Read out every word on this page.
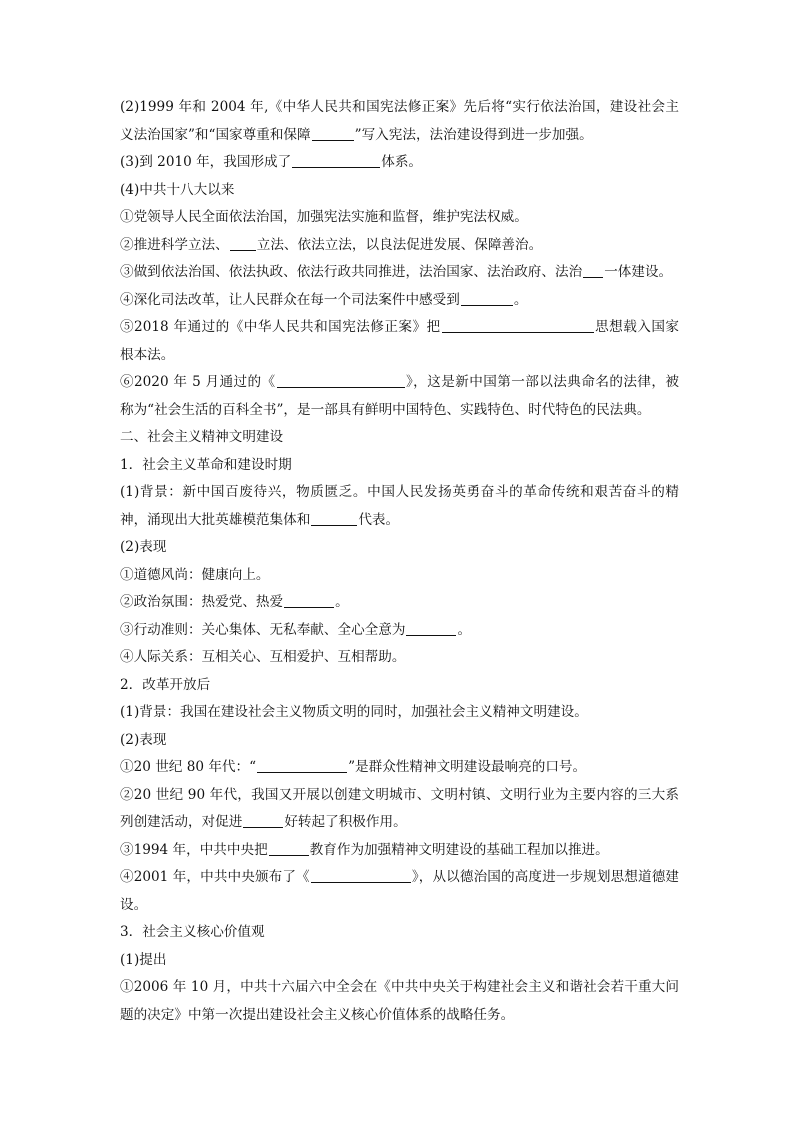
(2)1999 年和 2004 年,《中华人民共和国宪法修正案》先后将“实行依法治国，建设社会主义法治国家”和“国家尊重和保障	”写入宪法，法治建设得到进一步加强。

(3)到 2010 年，我国形成了	体系。

(4)中共十八大以来

①党领导人民全面依法治国，加强宪法实施和监督，维护宪法权威。

②推进科学立法、 立法、依法立法，以良法促进发展、保障善治。

③做到依法治国、依法执政、依法行政共同推进，法治国家、法治政府、法治 一体建设。

④深化司法改革，让人民群众在每一个司法案件中感受到	。

⑤2018 年通过的《中华人民共和国宪法修正案》把	思想载入国家根本法。

⑥2020 年 5 月通过的《	》，这是新中国第一部以法典命名的法律，被称为“社会生活的百科全书”，是一部具有鲜明中国特色、实践特色、时代特色的民法典。

二、社会主义精神文明建设

1．社会主义革命和建设时期

(1)背景：新中国百废待兴，物质匮乏。中国人民发扬英勇奋斗的革命传统和艰苦奋斗的精神，涌现出大批英雄模范集体和	代表。

(2)表现

①道德风尚：健康向上。

②政治氛围：热爱党、热爱	。

③行动准则：关心集体、无私奉献、全心全意为	。

④人际关系：互相关心、互相爱护、互相帮助。

2．改革开放后

(1)背景：我国在建设社会主义物质文明的同时，加强社会主义精神文明建设。

(2)表现

①20 世纪 80 年代：“	”是群众性精神文明建设最响亮的口号。

②20 世纪 90 年代，我国又开展以创建文明城市、文明村镇、文明行业为主要内容的三大系列创建活动，对促进	好转起了积极作用。

③1994 年，中共中央把	教育作为加强精神文明建设的基础工程加以推进。

④2001 年，中共中央颁布了《	》，从以德治国的高度进一步规划思想道德建设。

3．社会主义核心价值观

(1)提出

①2006 年 10 月，中共十六届六中全会在《中共中央关于构建社会主义和谐社会若干重大问题的决定》中第一次提出建设社会主义核心价值体系的战略任务。
